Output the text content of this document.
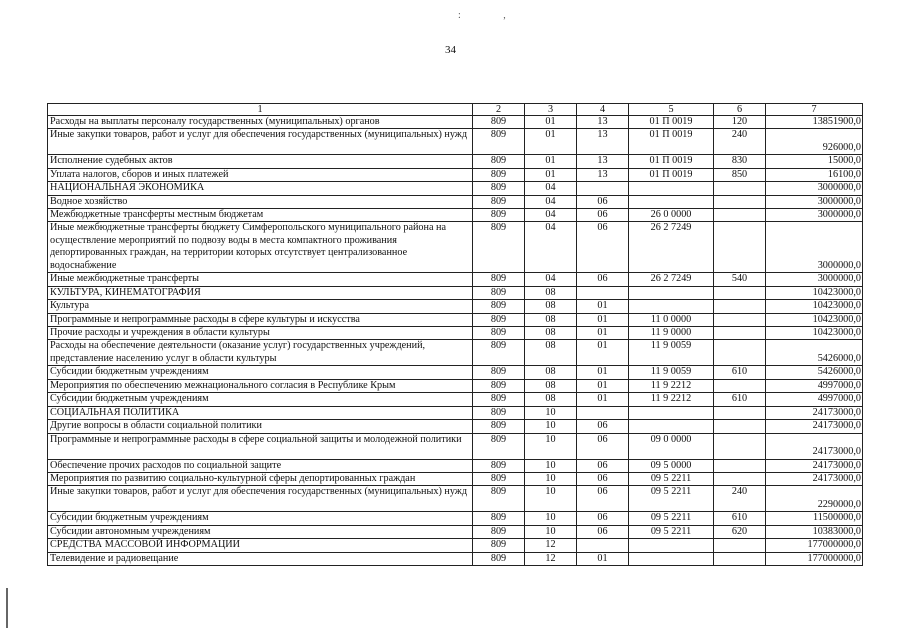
: ,
34
1	2	3	4	5	6	7
Расходы на выплаты персоналу государственных (муниципальных) органов	809	01	13	01 П 0019	120	13851900,0
Иные закупки товаров, работ и услуг для обеспечения государственных (муниципальных) нужд	809	01	13	01 П 0019	240	926000,0
Исполнение судебных актов	809	01	13	01 П 0019	830	15000,0
Уплата налогов, сборов и иных платежей	809	01	13	01 П 0019	850	16100,0
НАЦИОНАЛЬНАЯ ЭКОНОМИКА	809	04				3000000,0
Водное хозяйство	809	04	06			3000000,0
Межбюджетные трансферты местным бюджетам	809	04	06	26 0 0000		3000000,0
Иные межбюджетные трансферты бюджету Симферопольского муниципального района на осуществление мероприятий по подвозу воды в места компактного проживания депортированных граждан, на территории которых отсутствует централизованное водоснабжение	809	04	06	26 2 7249		3000000,0
Иные межбюджетные трансферты	809	04	06	26 2 7249	540	3000000,0
КУЛЬТУРА, КИНЕМАТОГРАФИЯ	809	08				10423000,0
Культура	809	08	01			10423000,0
Программные и непрограммные расходы в сфере культуры и искусства	809	08	01	11 0 0000		10423000,0
Прочие расходы и учреждения в области культуры	809	08	01	11 9 0000		10423000,0
Расходы на обеспечение деятельности (оказание услуг) государственных учреждений, представление населению услуг в области культуры	809	08	01	11 9 0059		5426000,0
Субсидии бюджетным учреждениям	809	08	01	11 9 0059	610	5426000,0
Мероприятия по обеспечению межнационального согласия в Республике Крым	809	08	01	11 9 2212		4997000,0
Субсидии бюджетным учреждениям	809	08	01	11 9 2212	610	4997000,0
СОЦИАЛЬНАЯ ПОЛИТИКА	809	10				24173000,0
Другие вопросы в области социальной политики	809	10	06			24173000,0
Программные и непрограммные расходы в сфере социальной защиты и молодежной политики	809	10	06	09 0 0000		24173000,0
Обеспечение прочих расходов по социальной защите	809	10	06	09 5 0000		24173000,0
Мероприятия по развитию социально-культурной сферы депортированных граждан	809	10	06	09 5 2211		24173000,0
Иные закупки товаров, работ и услуг для обеспечения государственных (муниципальных) нужд	809	10	06	09 5 2211	240	2290000,0
Субсидии бюджетным учреждениям	809	10	06	09 5 2211	610	11500000,0
Субсидии автономным учреждениям	809	10	06	09 5 2211	620	10383000,0
СРЕДСТВА МАССОВОЙ ИНФОРМАЦИИ	809	12				177000000,0
Телевидение и радиовещание	809	12	01			177000000,0
